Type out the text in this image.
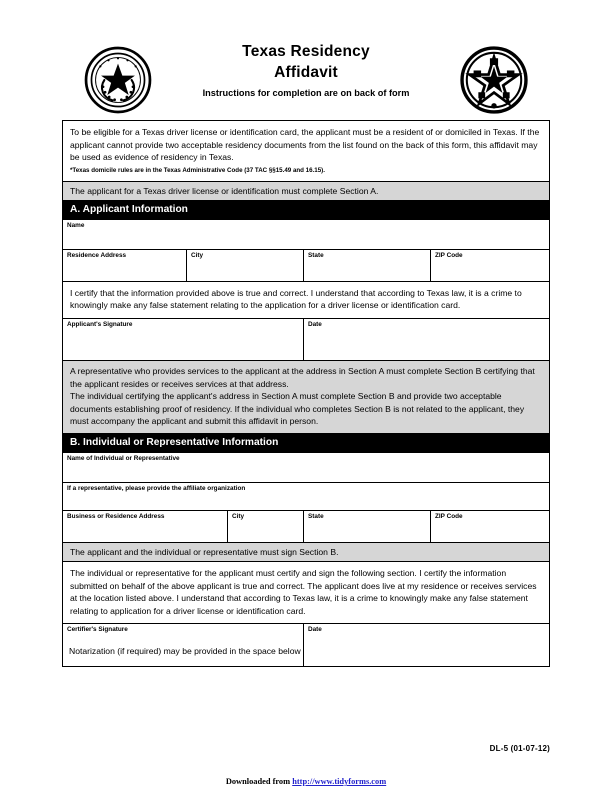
Texas Residency
Affidavit
Instructions for completion are on back of form

To be eligible for a Texas driver license or identification card, the applicant must be a resident of or domiciled in Texas. If the applicant cannot provide two acceptable residency documents from the list found on the back of this form, this affidavit may be used as evidence of residency in Texas.

*Texas domicile rules are in the Texas Administrative Code (37 TAC §§15.49 and 16.15).

The applicant for a Texas driver license or identification must complete Section A.

A. Applicant Information
Name
Residence Address	City	State	ZIP Code

I certify that the information provided above is true and correct. I understand that according to Texas law, it is a crime to knowingly make any false statement relating to the application for a driver license or identification card.

Applicant's Signature	Date

A representative who provides services to the applicant at the address in Section A must complete Section B certifying that the applicant resides or receives services at that address.

The individual certifying the applicant's address in Section A must complete Section B and provide two acceptable documents establishing proof of residency. If the individual who completes Section B is not related to the applicant, they must accompany the applicant and submit this affidavit in person.

B. Individual or Representative Information
Name of Individual or Representative
If a representative, please provide the affiliate organization
Business or Residence Address	City	State	ZIP Code

The applicant and the individual or representative must sign Section B.

The individual or representative for the applicant must certify and sign the following section. I certify the information submitted on behalf of the above applicant is true and correct. The applicant does live at my residence or receives services at the location listed above. I understand that according to Texas law, it is a crime to knowingly make any false statement relating to application for a driver license or identification card.

Certifier's Signature	Date
Notarization (if required) may be provided in the space below
DL-5 (01-07-12)
Downloaded from http://www.tidyforms.com
